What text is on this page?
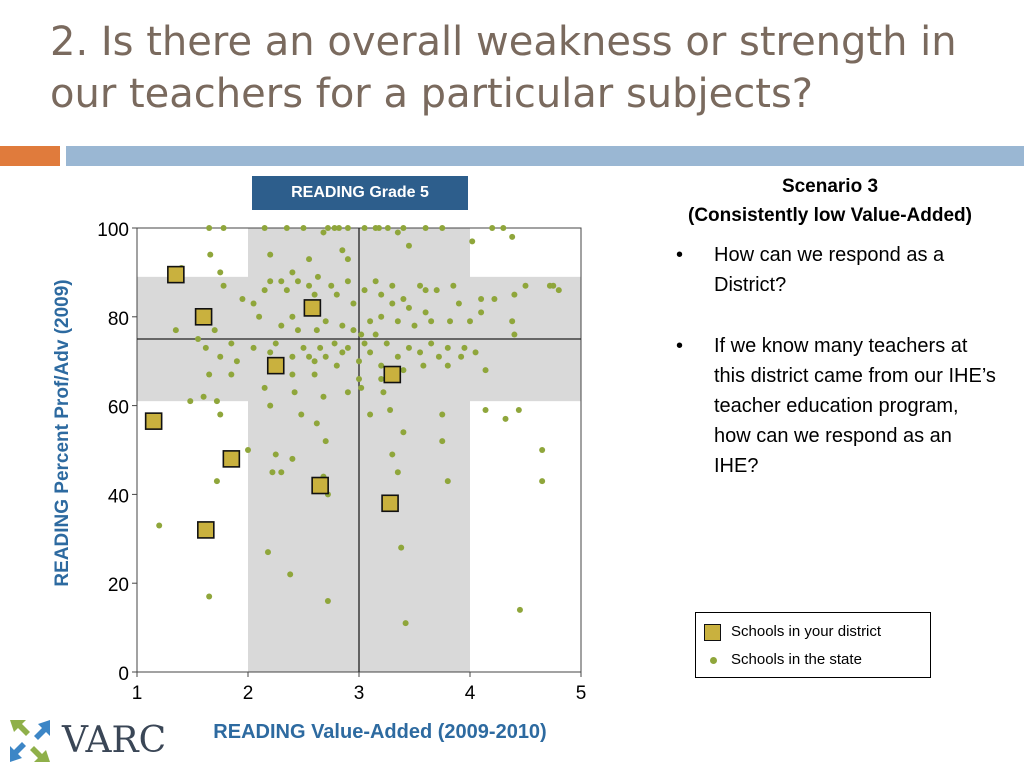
2. Is there an overall weakness or strength in our teachers for a particular subjects?
READING Grade 5
1	2	3	4	5
0
20
40
60
80
100
READING Percent Prof/Adv (2009)
READING Value-Added (2009-2010)
Scenario 3
(Consistently low Value-Added)
• How can we respond as a District?
• If we know many teachers at this district came from our IHE’s teacher education program, how can we respond as an IHE?
Schools in your district
Schools in the state
VARC
